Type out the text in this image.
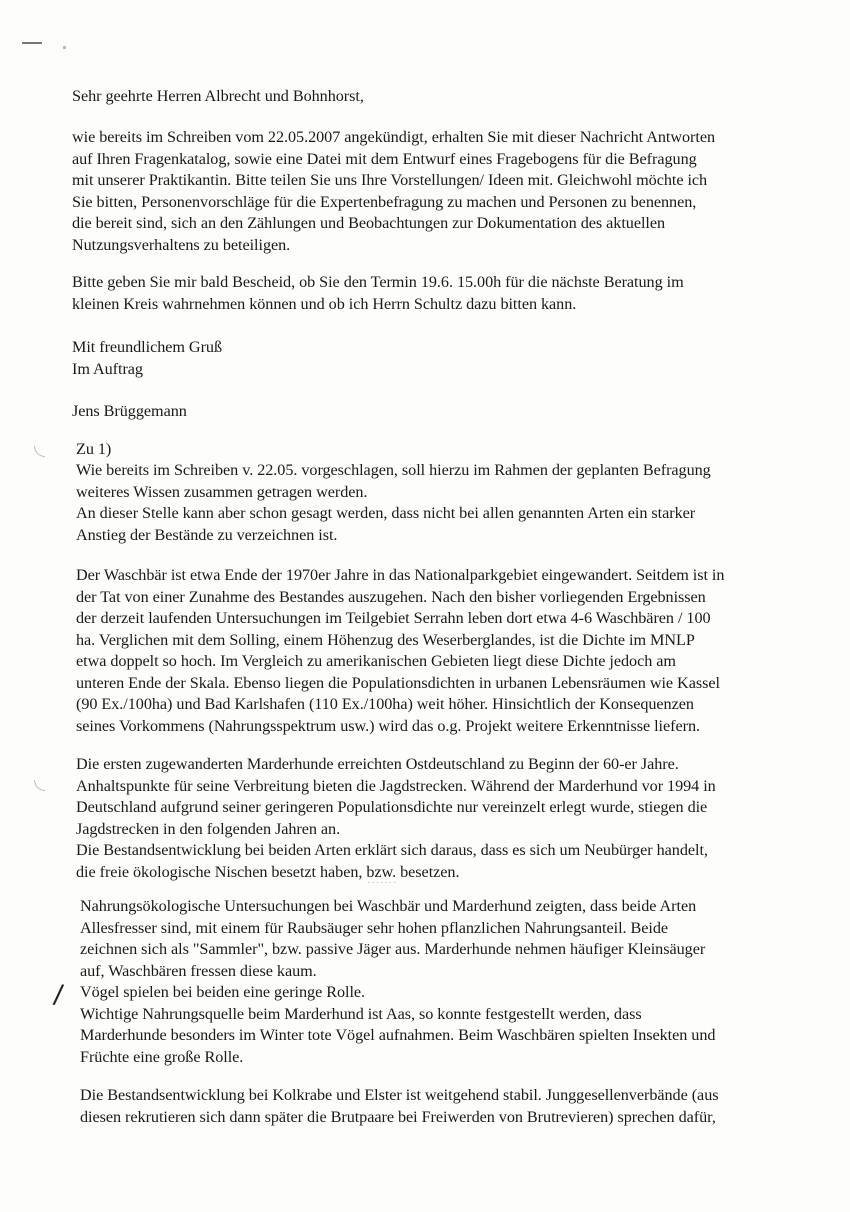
·······
/
Sehr geehrte Herren Albrecht und Bohnhorst,
wie bereits im Schreiben vom 22.05.2007 angekündigt, erhalten Sie mit dieser Nachricht Antworten
auf Ihren Fragenkatalog, sowie eine Datei mit dem Entwurf eines Fragebogens für die Befragung
mit unserer Praktikantin. Bitte teilen Sie uns Ihre Vorstellungen/ Ideen mit. Gleichwohl möchte ich
Sie bitten, Personenvorschläge für die Expertenbefragung zu machen und Personen zu benennen,
die bereit sind, sich an den Zählungen und Beobachtungen zur Dokumentation des aktuellen
Nutzungsverhaltens zu beteiligen.
Bitte geben Sie mir bald Bescheid, ob Sie den Termin 19.6. 15.00h für die nächste Beratung im
kleinen Kreis wahrnehmen können und ob ich Herrn Schultz dazu bitten kann.
Mit freundlichem Gruß
Im Auftrag
Jens Brüggemann
Zu 1)
Wie bereits im Schreiben v. 22.05. vorgeschlagen, soll hierzu im Rahmen der geplanten Befragung
weiteres Wissen zusammen getragen werden.
An dieser Stelle kann aber schon gesagt werden, dass nicht bei allen genannten Arten ein starker
Anstieg der Bestände zu verzeichnen ist.
Der Waschbär ist etwa Ende der 1970er Jahre in das Nationalparkgebiet eingewandert. Seitdem ist in
der Tat von einer Zunahme des Bestandes auszugehen. Nach den bisher vorliegenden Ergebnissen
der derzeit laufenden Untersuchungen im Teilgebiet Serrahn leben dort etwa 4-6 Waschbären / 100
ha. Verglichen mit dem Solling, einem Höhenzug des Weserberglandes, ist die Dichte im MNLP
etwa doppelt so hoch. Im Vergleich zu amerikanischen Gebieten liegt diese Dichte jedoch am
unteren Ende der Skala. Ebenso liegen die Populationsdichten in urbanen Lebensräumen wie Kassel
(90 Ex./100ha) und Bad Karlshafen (110 Ex./100ha) weit höher. Hinsichtlich der Konsequenzen
seines Vorkommens (Nahrungsspektrum usw.) wird das o.g. Projekt weitere Erkenntnisse liefern.
Die ersten zugewanderten Marderhunde erreichten Ostdeutschland zu Beginn der 60-er Jahre.
Anhaltspunkte für seine Verbreitung bieten die Jagdstrecken. Während der Marderhund vor 1994 in
Deutschland aufgrund seiner geringeren Populationsdichte nur vereinzelt erlegt wurde, stiegen die
Jagdstrecken in den folgenden Jahren an.
Die Bestandsentwicklung bei beiden Arten erklärt sich daraus, dass es sich um Neubürger handelt,
die freie ökologische Nischen besetzt haben, bzw. besetzen.
Nahrungsökologische Untersuchungen bei Waschbär und Marderhund zeigten, dass beide Arten
Allesfresser sind, mit einem für Raubsäuger sehr hohen pflanzlichen Nahrungsanteil. Beide
zeichnen sich als "Sammler", bzw. passive Jäger aus. Marderhunde nehmen häufiger Kleinsäuger
auf, Waschbären fressen diese kaum.
Vögel spielen bei beiden eine geringe Rolle.
Wichtige Nahrungsquelle beim Marderhund ist Aas, so konnte festgestellt werden, dass
Marderhunde besonders im Winter tote Vögel aufnahmen. Beim Waschbären spielten Insekten und
Früchte eine große Rolle.
Die Bestandsentwicklung bei Kolkrabe und Elster ist weitgehend stabil. Junggesellenverbände (aus
diesen rekrutieren sich dann später die Brutpaare bei Freiwerden von Brutrevieren) sprechen dafür,
